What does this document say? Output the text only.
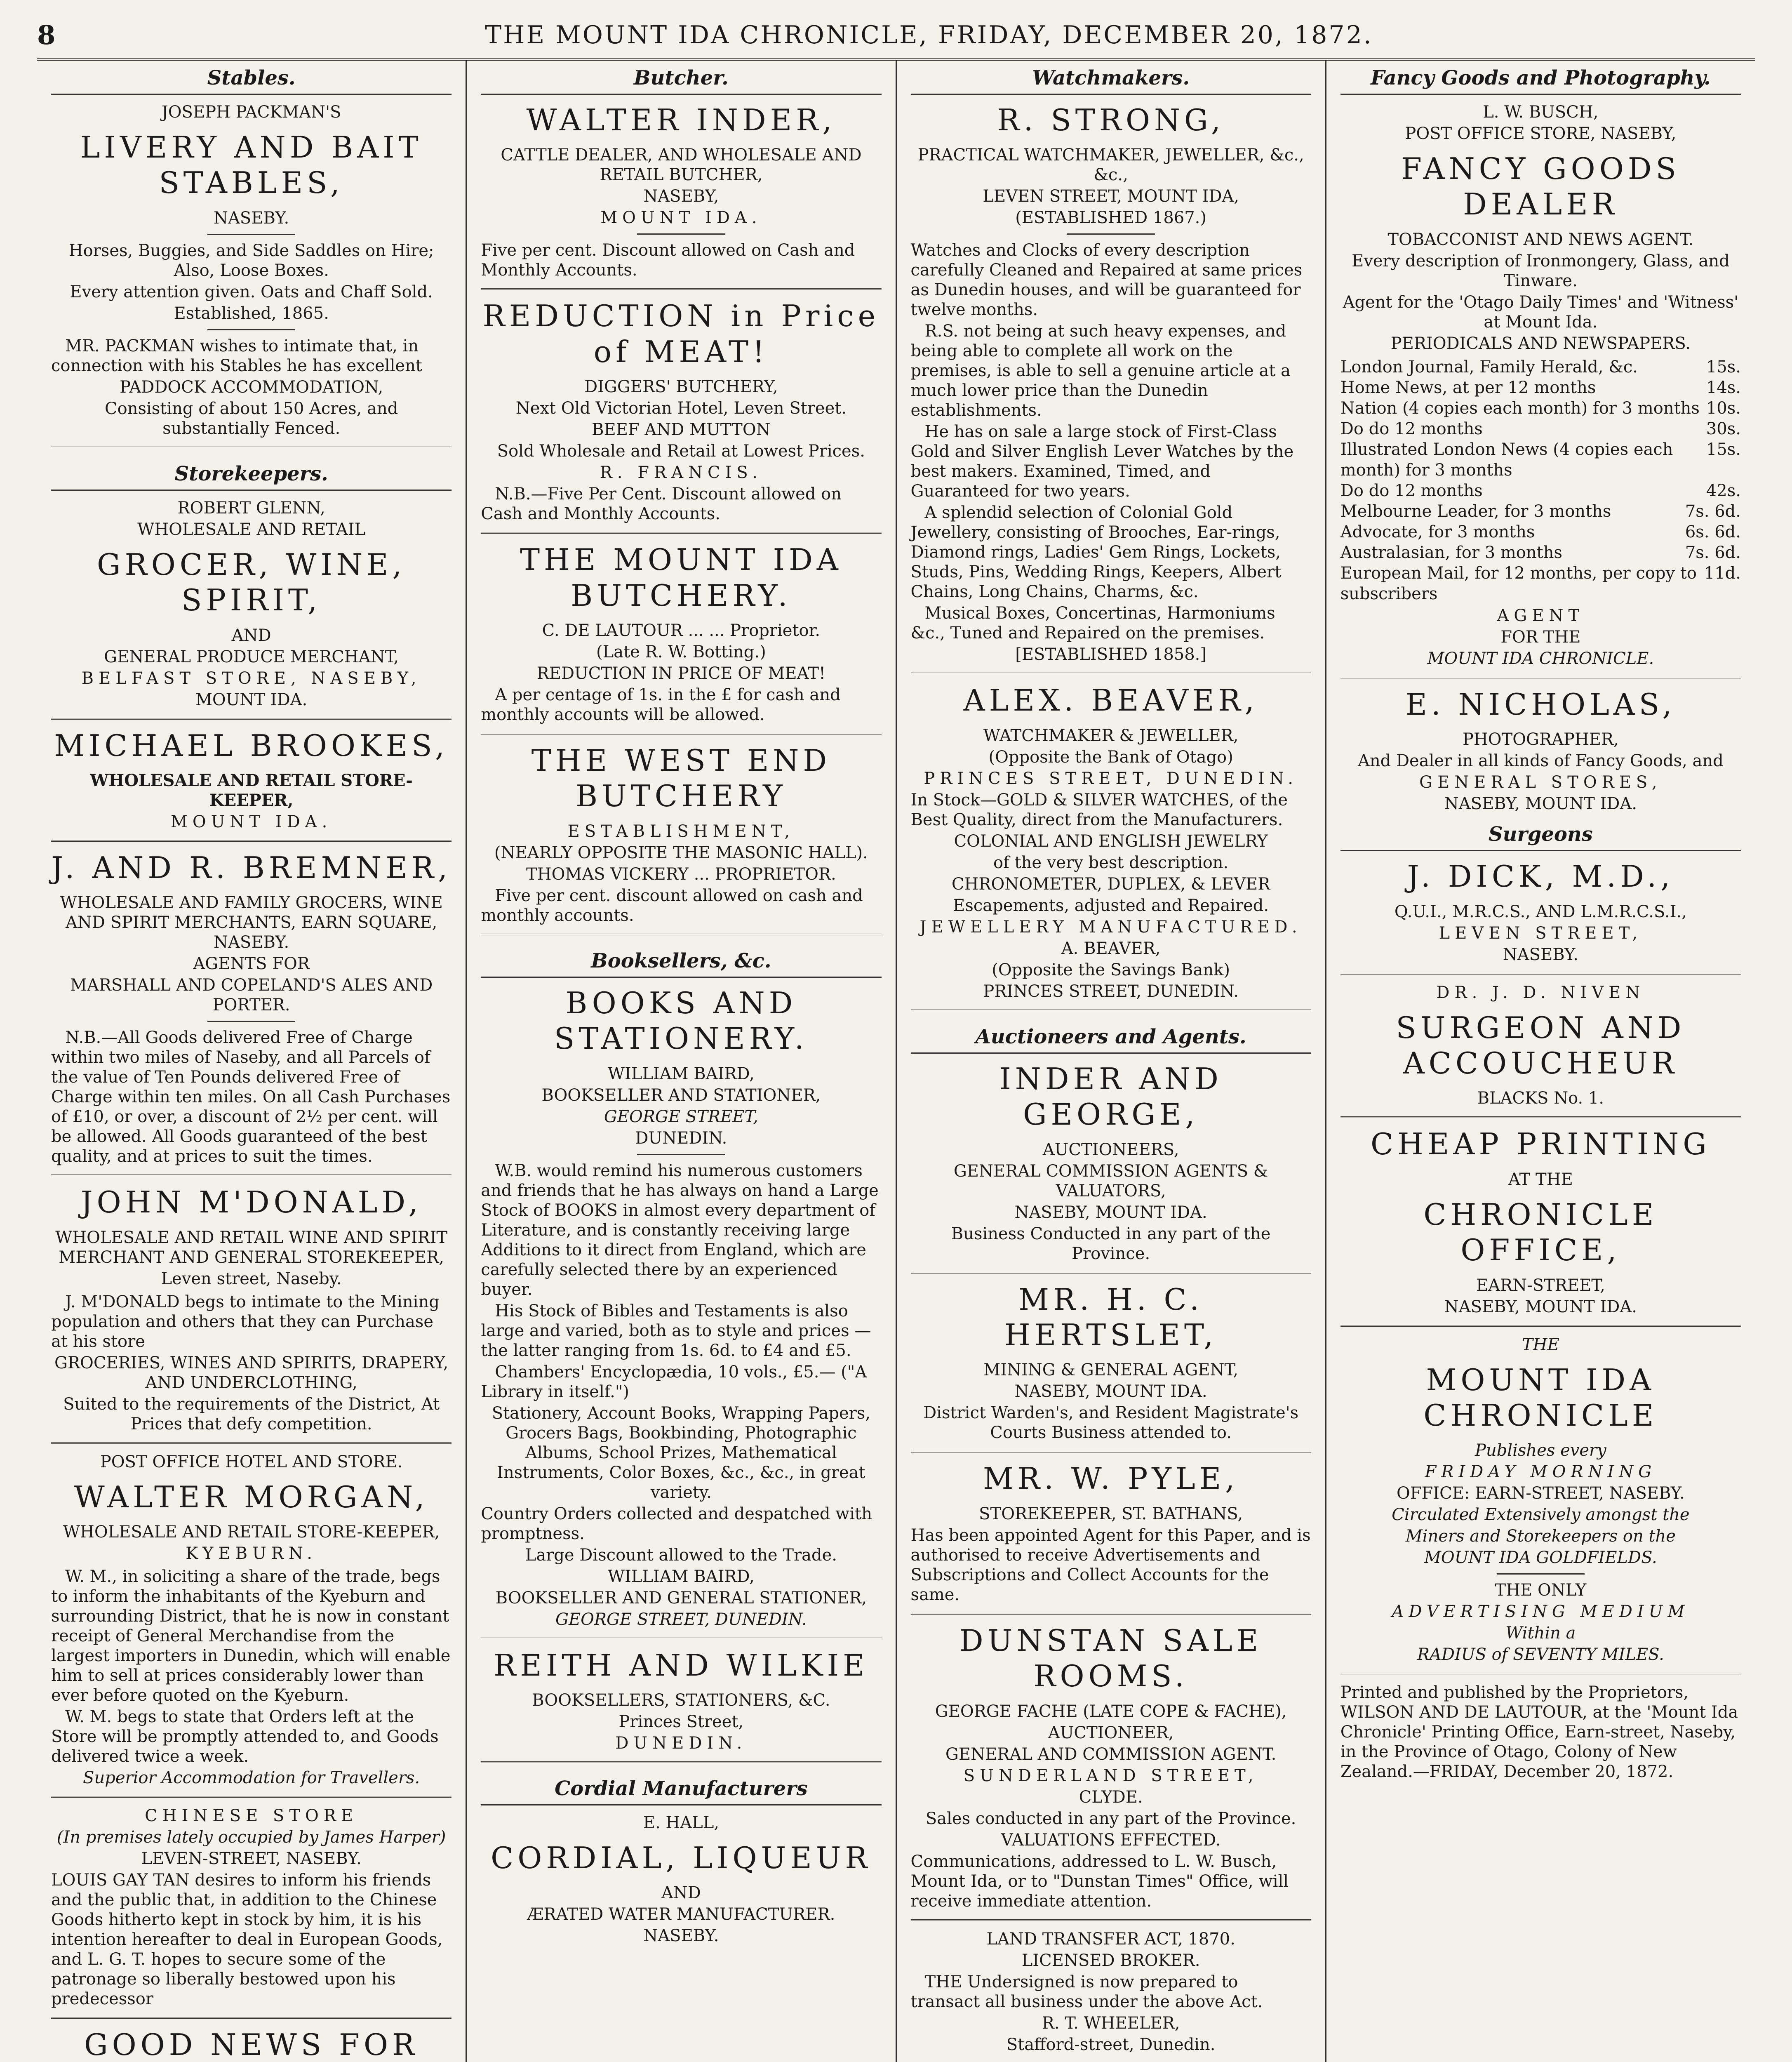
8	THE MOUNT IDA CHRONICLE, FRIDAY, DECEMBER 20, 1872.
Stables.

JOSEPH PACKMAN'S

LIVERY AND BAIT STABLES,

NASEBY.

Horses, Buggies, and Side Saddles on Hire; Also, Loose Boxes.

Every attention given. Oats and Chaff Sold.

Established, 1865.

MR. PACKMAN wishes to intimate that, in connection with his Stables he has excellent

PADDOCK ACCOMMODATION,

Consisting of about 150 Acres, and substantially Fenced.

Storekeepers.

ROBERT GLENN,

WHOLESALE AND RETAIL

GROCER, WINE, SPIRIT,

AND

GENERAL PRODUCE MERCHANT,

BELFAST STORE, NASEBY,

MOUNT IDA.

MICHAEL BROOKES,

WHOLESALE AND RETAIL STORE-KEEPER,

MOUNT IDA.

J. AND R. BREMNER,

WHOLESALE AND FAMILY GROCERS, WINE AND SPIRIT MERCHANTS, EARN SQUARE, NASEBY.

AGENTS FOR

MARSHALL AND COPELAND'S ALES AND PORTER.

N.B.—All Goods delivered Free of Charge within two miles of Naseby, and all Parcels of the value of Ten Pounds delivered Free of Charge within ten miles. On all Cash Purchases of £10, or over, a discount of 2½ per cent. will be allowed. All Goods guaranteed of the best quality, and at prices to suit the times.

JOHN M'DONALD,

WHOLESALE AND RETAIL WINE AND SPIRIT MERCHANT AND GENERAL STOREKEEPER,

Leven street, Naseby.

J. M'DONALD begs to intimate to the Mining population and others that they can Purchase at his store

GROCERIES, WINES AND SPIRITS, DRAPERY, AND UNDERCLOTHING,

Suited to the requirements of the District, At Prices that defy competition.

POST OFFICE HOTEL AND STORE.

WALTER MORGAN,

WHOLESALE AND RETAIL STORE-KEEPER,

KYEBURN.

W. M., in soliciting a share of the trade, begs to inform the inhabitants of the Kyeburn and surrounding District, that he is now in constant receipt of General Merchandise from the largest importers in Dunedin, which will enable him to sell at prices considerably lower than ever before quoted on the Kyeburn.

W. M. begs to state that Orders left at the Store will be promptly attended to, and Goods delivered twice a week.

Superior Accommodation for Travellers.

CHINESE STORE

(In premises lately occupied by James Harper)

LEVEN-STREET, NASEBY.

LOUIS GAY TAN desires to inform his friends and the public that, in addition to the Chinese Goods hitherto kept in stock by him, it is his intention hereafter to deal in European Goods, and L. G. T. hopes to secure some of the patronage so liberally bestowed upon his predecessor

GOOD NEWS FOR

Butcher.

WALTER INDER,

CATTLE DEALER, AND WHOLESALE AND RETAIL BUTCHER,

NASEBY,

MOUNT IDA.

Five per cent. Discount allowed on Cash and Monthly Accounts.

REDUCTION in Price of MEAT!

DIGGERS' BUTCHERY,

Next Old Victorian Hotel, Leven Street.

BEEF AND MUTTON

Sold Wholesale and Retail at Lowest Prices.

R. FRANCIS.

N.B.—Five Per Cent. Discount allowed on Cash and Monthly Accounts.

THE MOUNT IDA BUTCHERY.

C. DE LAUTOUR ... ... Proprietor.

(Late R. W. Botting.)

REDUCTION IN PRICE OF MEAT!

A per centage of 1s. in the £ for cash and monthly accounts will be allowed.

THE WEST END BUTCHERY

ESTABLISHMENT,

(NEARLY OPPOSITE THE MASONIC HALL).

THOMAS VICKERY ... PROPRIETOR.

Five per cent. discount allowed on cash and monthly accounts.

Booksellers, &c.

BOOKS AND STATIONERY.

WILLIAM BAIRD,

BOOKSELLER AND STATIONER,

GEORGE STREET,

DUNEDIN.

W.B. would remind his numerous customers and friends that he has always on hand a Large Stock of BOOKS in almost every department of Literature, and is constantly receiving large Additions to it direct from England, which are carefully selected there by an experienced buyer.

His Stock of Bibles and Testaments is also large and varied, both as to style and prices —the latter ranging from 1s. 6d. to £4 and £5.

Chambers' Encyclopædia, 10 vols., £5.— ("A Library in itself.")

Stationery, Account Books, Wrapping Papers, Grocers Bags, Bookbinding, Photographic Albums, School Prizes, Mathematical Instruments, Color Boxes, &c., &c., in great variety.

Country Orders collected and despatched with promptness.

Large Discount allowed to the Trade.

WILLIAM BAIRD,

BOOKSELLER AND GENERAL STATIONER,

GEORGE STREET, DUNEDIN.

REITH AND WILKIE

BOOKSELLERS, STATIONERS, &C.

Princes Street,

DUNEDIN.

Cordial Manufacturers

E. HALL,

CORDIAL, LIQUEUR

AND

ÆRATED WATER MANUFACTURER.

NASEBY.

Watchmakers.

R. STRONG,

PRACTICAL WATCHMAKER, JEWELLER, &c., &c.,

LEVEN STREET, MOUNT IDA,

(ESTABLISHED 1867.)

Watches and Clocks of every description carefully Cleaned and Repaired at same prices as Dunedin houses, and will be guaranteed for twelve months.

R.S. not being at such heavy expenses, and being able to complete all work on the premises, is able to sell a genuine article at a much lower price than the Dunedin establishments.

He has on sale a large stock of First-Class Gold and Silver English Lever Watches by the best makers. Examined, Timed, and Guaranteed for two years.

A splendid selection of Colonial Gold Jewellery, consisting of Brooches, Ear-rings, Diamond rings, Ladies' Gem Rings, Lockets, Studs, Pins, Wedding Rings, Keepers, Albert Chains, Long Chains, Charms, &c.

Musical Boxes, Concertinas, Harmoniums &c., Tuned and Repaired on the premises.

[ESTABLISHED 1858.]

ALEX. BEAVER,

WATCHMAKER & JEWELLER,

(Opposite the Bank of Otago)

PRINCES STREET, DUNEDIN.

In Stock—GOLD & SILVER WATCHES, of the Best Quality, direct from the Manufacturers.

COLONIAL AND ENGLISH JEWELRY

of the very best description.

CHRONOMETER, DUPLEX, & LEVER

Escapements, adjusted and Repaired.

JEWELLERY MANUFACTURED.

A. BEAVER,

(Opposite the Savings Bank)

PRINCES STREET, DUNEDIN.

Auctioneers and Agents.

INDER AND GEORGE,

AUCTIONEERS,

GENERAL COMMISSION AGENTS & VALUATORS,

NASEBY, MOUNT IDA.

Business Conducted in any part of the Province.

MR. H. C. HERTSLET,

MINING & GENERAL AGENT,

NASEBY, MOUNT IDA.

District Warden's, and Resident Magistrate's Courts Business attended to.

MR. W. PYLE,

STOREKEEPER, ST. BATHANS,

Has been appointed Agent for this Paper, and is authorised to receive Advertisements and Subscriptions and Collect Accounts for the same.

DUNSTAN SALE ROOMS.

GEORGE FACHE (LATE COPE & FACHE),

AUCTIONEER,

GENERAL AND COMMISSION AGENT.

SUNDERLAND STREET,

CLYDE.

Sales conducted in any part of the Province.

VALUATIONS EFFECTED.

Communications, addressed to L. W. Busch, Mount Ida, or to "Dunstan Times" Office, will receive immediate attention.

LAND TRANSFER ACT, 1870.

LICENSED BROKER.

THE Undersigned is now prepared to transact all business under the above Act.

R. T. WHEELER,

Stafford-street, Dunedin.

Fancy Goods and Photography.

L. W. BUSCH,

POST OFFICE STORE, NASEBY,

FANCY GOODS DEALER

TOBACCONIST AND NEWS AGENT.

Every description of Ironmongery, Glass, and Tinware.

Agent for the 'Otago Daily Times' and 'Witness' at Mount Ida.

PERIODICALS AND NEWSPAPERS.

London Journal, Family Herald, &c.	15s.
Home News, at per 12 months	14s.
Nation (4 copies each month) for 3 months 10s.
Do do 12 months	30s.
Illustrated London News (4 copies each month) for 3 months
15s.
Do do 12 months	42s.
Melbourne Leader, for 3 months	7s. 6d.
Advocate, for 3 months	6s. 6d.
Australasian, for 3 months	7s. 6d.
European Mail, for 12 months, per copy to subscribers
11d.

AGENT

FOR THE

MOUNT IDA CHRONICLE.

E. NICHOLAS,

PHOTOGRAPHER,

And Dealer in all kinds of Fancy Goods, and

GENERAL STORES,

NASEBY, MOUNT IDA.

Surgeons

J. DICK, M.D.,

Q.U.I., M.R.C.S., AND L.M.R.C.S.I.,

LEVEN STREET,

NASEBY.

DR. J. D. NIVEN

SURGEON AND ACCOUCHEUR

BLACKS No. 1.

CHEAP PRINTING

AT THE

CHRONICLE OFFICE,

EARN-STREET,

NASEBY, MOUNT IDA.

THE

MOUNT IDA CHRONICLE

Publishes every

FRIDAY MORNING

OFFICE: EARN-STREET, NASEBY.

Circulated Extensively amongst the

Miners and Storekeepers on the

MOUNT IDA GOLDFIELDS.

THE ONLY

ADVERTISING MEDIUM

Within a

RADIUS of SEVENTY MILES.

Printed and published by the Proprietors, WILSON AND DE LAUTOUR, at the 'Mount Ida Chronicle' Printing Office, Earn-street, Naseby, in the Province of Otago, Colony of New Zealand.—FRIDAY, December 20, 1872.
